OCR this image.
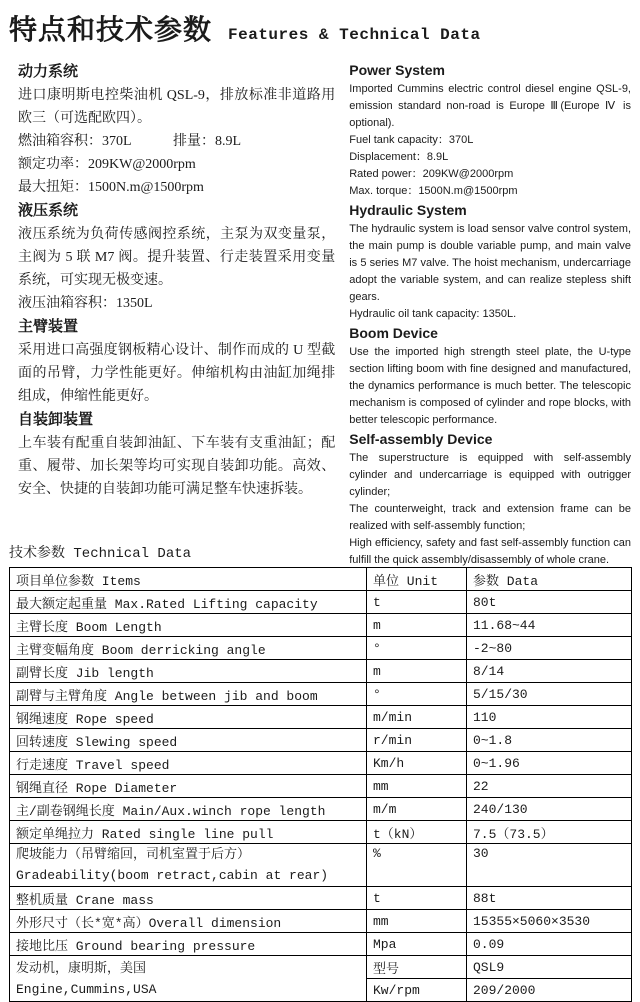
特点和技术参数 Features & Technical Data
动力系统

进口康明斯电控柴油机 QSL-9，排放标准非道路用欧三（可选配欧四）。

燃油箱容积：370L　　　排量：8.9L

额定功率：209KW@2000rpm

最大扭矩：1500N.m@1500rpm

液压系统

液压系统为负荷传感阀控系统，主泵为双变量泵，主阀为 5 联 M7 阀。提升装置、行走装置采用变量系统，可实现无极变速。

液压油箱容积：1350L

主臂装置

采用进口高强度钢板精心设计、制作而成的 U 型截面的吊臂，力学性能更好。伸缩机构由油缸加绳排组成，伸缩性能更好。

自装卸装置

上车装有配重自装卸油缸、下车装有支重油缸；配重、履带、加长架等均可实现自装卸功能。高效、安全、快捷的自装卸功能可满足整车快速拆装。

Power System

Imported Cummins electric control diesel engine QSL-9, emission standard non-road is Europe Ⅲ(Europe Ⅳ is optional).

Fuel tank capacity：370L

Displacement：8.9L

Rated power：209KW@2000rpm

Max. torque：1500N.m@1500rpm

Hydraulic System

The hydraulic system is load sensor valve control system, the main pump is double variable pump, and main valve is 5 series M7 valve. The hoist mechanism, undercarriage adopt the variable system, and can realize stepless shift gears.

Hydraulic oil tank capacity: 1350L.

Boom Device

Use the imported high strength steel plate, the U-type section lifting boom with fine designed and manufactured, the dynamics performance is much better. The telescopic mechanism is composed of cylinder and rope blocks, with better telescopic performance.

Self-assembly Device

The superstructure is equipped with self-assembly cylinder and undercarriage is equipped with outrigger cylinder;

The counterweight, track and extension frame can be realized with self-assembly function;

High efficiency, safety and fast self-assembly function can fulfill the quick assembly/disassembly of whole crane.

技术参数 Technical Data
项目单位参数 Items	单位 Unit	参数 Data
最大额定起重量 Max.Rated Lifting capacity	t	80t
主臂长度 Boom Length	m	11.68~44
主臂变幅角度 Boom derricking angle	°	-2~80
副臂长度 Jib length	m	8/14
副臂与主臂角度 Angle between jib and boom	°	5/15/30
钢绳速度 Rope speed	m/min	110
回转速度 Slewing speed	r/min	0~1.8
行走速度 Travel speed	Km/h	0~1.96
钢绳直径 Rope Diameter	mm	22
主/副卷钢绳长度 Main/Aux.winch rope length	m/m	240/130
额定单绳拉力 Rated single line pull	t（kN）	7.5（73.5）

爬坡能力（吊臂缩回，司机室置于后方）
Gradeability(boom retract,cabin at rear)	%	30
整机质量 Crane mass	t	88t
外形尺寸（长*宽*高）Overall dimension	mm	15355×5060×3530
接地比压 Ground bearing pressure	Mpa	0.09

发动机，康明斯，美国
Engine,Cummins,USA	型号	QSL9
	Kw/rpm	209/2000
